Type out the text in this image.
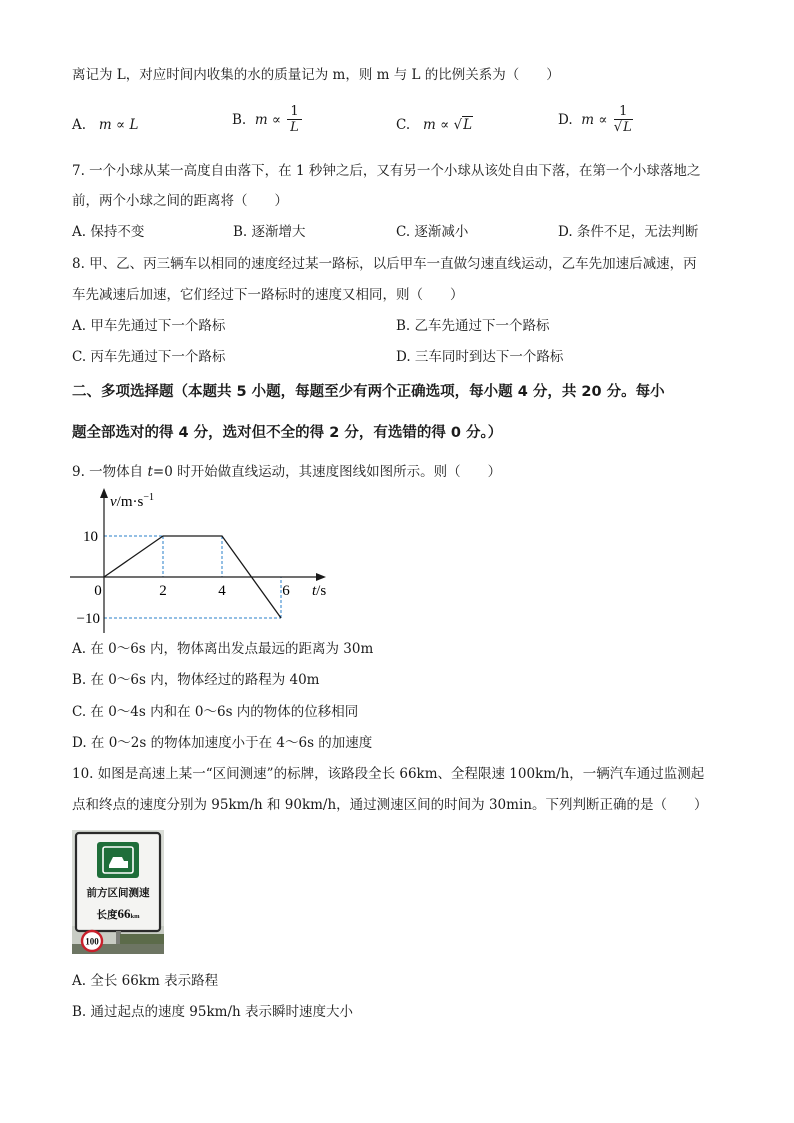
离记为 L，对应时间内收集的水的质量记为 m，则 m 与 L 的比例关系为（　　）
A. m ∝ L	B. $m \propto \frac{1}{L}$	C. m ∝ √L	D. $m \propto \frac{1}{√L}$
7. 一个小球从某一高度自由落下，在 1 秒钟之后，又有另一个小球从该处自由下落，在第一个小球落地之
前，两个小球之间的距离将（　　）
A. 保持不变	B. 逐渐增大	C. 逐渐减小	D. 条件不足，无法判断
8. 甲、乙、丙三辆车以相同的速度经过某一路标，以后甲车一直做匀速直线运动，乙车先加速后减速，丙
车先减速后加速，它们经过下一路标时的速度又相同，则（　　）
A. 甲车先通过下一个路标	B. 乙车先通过下一个路标
C. 丙车先通过下一个路标	D. 三车同时到达下一个路标
二、多项选择题（本题共 5 小题，每题至少有两个正确选项，每小题 4 分，共 20 分。每小
题全部选对的得 4 分，选对但不全的得 2 分，有选错的得 0 分。）
9. 一物体自 t=0 时开始做直线运动，其速度图线如图所示。则（　　）
0	2	4	6
10
−10
$v/m\cdot s^{-1}$
t/s
A. 在 0～6s 内，物体离出发点最远的距离为 30m
B. 在 0～6s 内，物体经过的路程为 40m
C. 在 0～4s 内和在 0～6s 内的物体的位移相同
D. 在 0～2s 的物体加速度小于在 4～6s 的加速度
10. 如图是高速上某一“区间测速”的标牌，该路段全长 66km、全程限速 100km/h，一辆汽车通过监测起
点和终点的速度分别为 95km/h 和 90km/h，通过测速区间的时间为 30min。下列判断正确的是（　　）
前方区间测速
长度66km
100
A. 全长 66km 表示路程
B. 通过起点的速度 95km/h 表示瞬时速度大小
